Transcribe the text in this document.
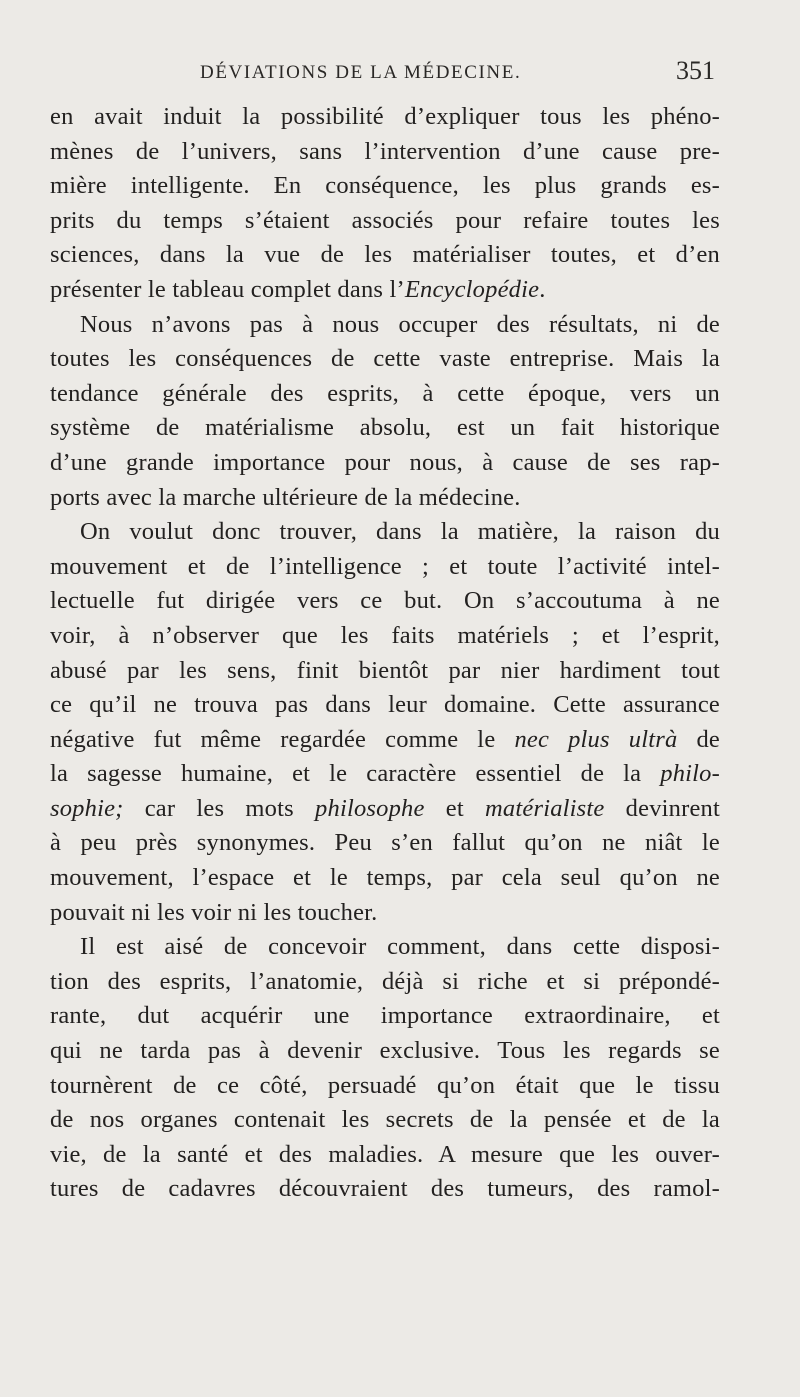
DÉVIATIONS DE LA MÉDECINE.	351
en avait induit la possibilité d’expliquer tous les phéno-
mènes de l’univers, sans l’intervention d’une cause pre-
mière intelligente. En conséquence, les plus grands es-
prits du temps s’étaient associés pour refaire toutes les
sciences, dans la vue de les matérialiser toutes, et d’en
présenter le tableau complet dans l’Encyclopédie.
Nous n’avons pas à nous occuper des résultats, ni de
toutes les conséquences de cette vaste entreprise. Mais la
tendance générale des esprits, à cette époque, vers un
système de matérialisme absolu, est un fait historique
d’une grande importance pour nous, à cause de ses rap-
ports avec la marche ultérieure de la médecine.
On voulut donc trouver, dans la matière, la raison du
mouvement et de l’intelligence ; et toute l’activité intel-
lectuelle fut dirigée vers ce but. On s’accoutuma à ne
voir, à n’observer que les faits matériels ; et l’esprit,
abusé par les sens, finit bientôt par nier hardiment tout
ce qu’il ne trouva pas dans leur domaine. Cette assurance
négative fut même regardée comme le nec plus ultrà de
la sagesse humaine, et le caractère essentiel de la philo-
sophie; car les mots philosophe et matérialiste devinrent
à peu près synonymes. Peu s’en fallut qu’on ne niât le
mouvement, l’espace et le temps, par cela seul qu’on ne
pouvait ni les voir ni les toucher.
Il est aisé de concevoir comment, dans cette disposi-
tion des esprits, l’anatomie, déjà si riche et si prépondé-
rante, dut acquérir une importance extraordinaire, et
qui ne tarda pas à devenir exclusive. Tous les regards se
tournèrent de ce côté, persuadé qu’on était que le tissu
de nos organes contenait les secrets de la pensée et de la
vie, de la santé et des maladies. A mesure que les ouver-
tures de cadavres découvraient des tumeurs, des ramol-
